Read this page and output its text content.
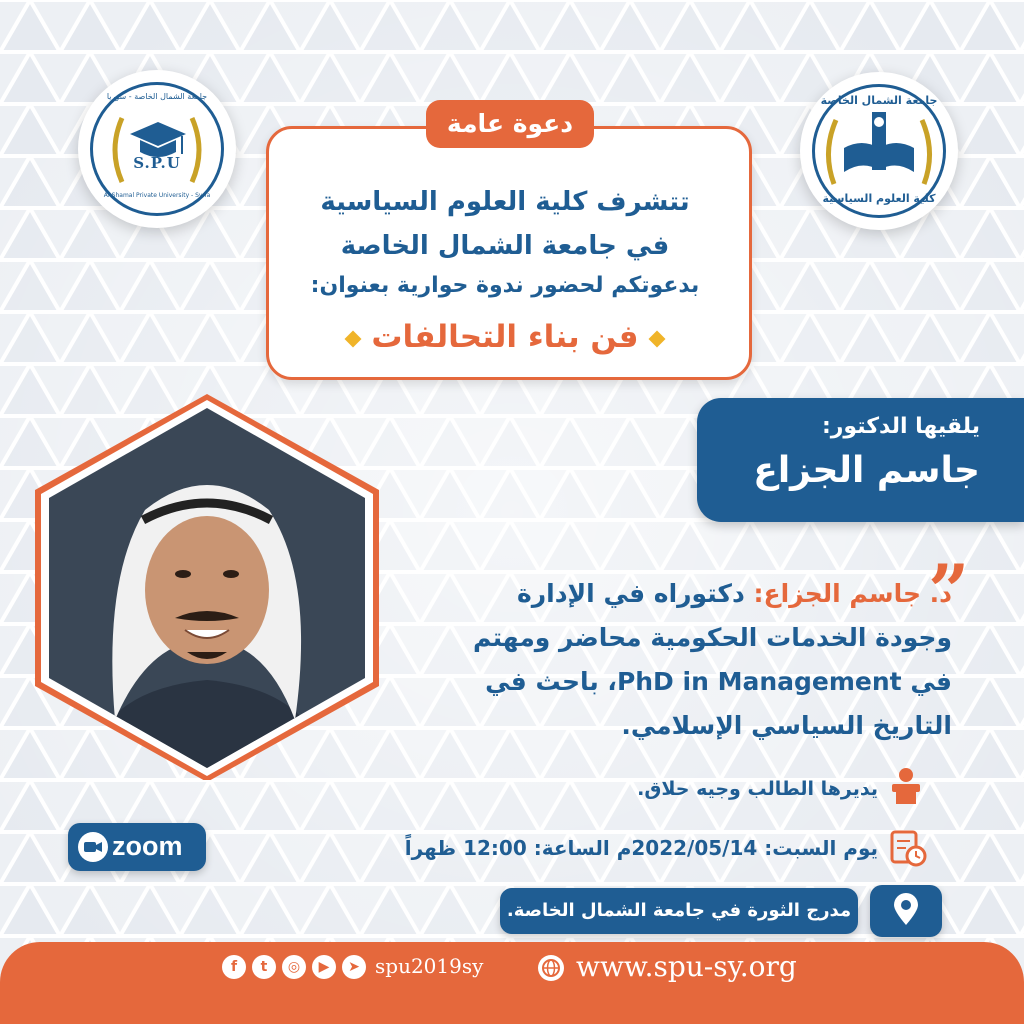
S.P.U
جامعة الشمال الخاصة - سوريا
Al-Shamal Private University - Syria
جامعة الشمال الخاصة
كلية العلوم السياسية
دعوة عامة
تتشرف كلية العلوم السياسية
في جامعة الشمال الخاصة
بدعوتكم لحضور ندوة حوارية بعنوان:
فن بناء التحالفات
يلقيها الدكتور:
جاسم الجزاع
”
د. جاسم الجزاع: دكتوراه في الإدارة
وجودة الخدمات الحكومية محاضر ومهتم
في PhD in Management، باحث في
التاريخ السياسي الإسلامي.
يديرها الطالب وجيه حلاق.
يوم السبت: 2022/05/14م الساعة: 12:00 ظهراً
مدرج الثورة في جامعة الشمال الخاصة.
zoom
f	t	◎	▶	➤ spu2019sy	www.spu-sy.org
